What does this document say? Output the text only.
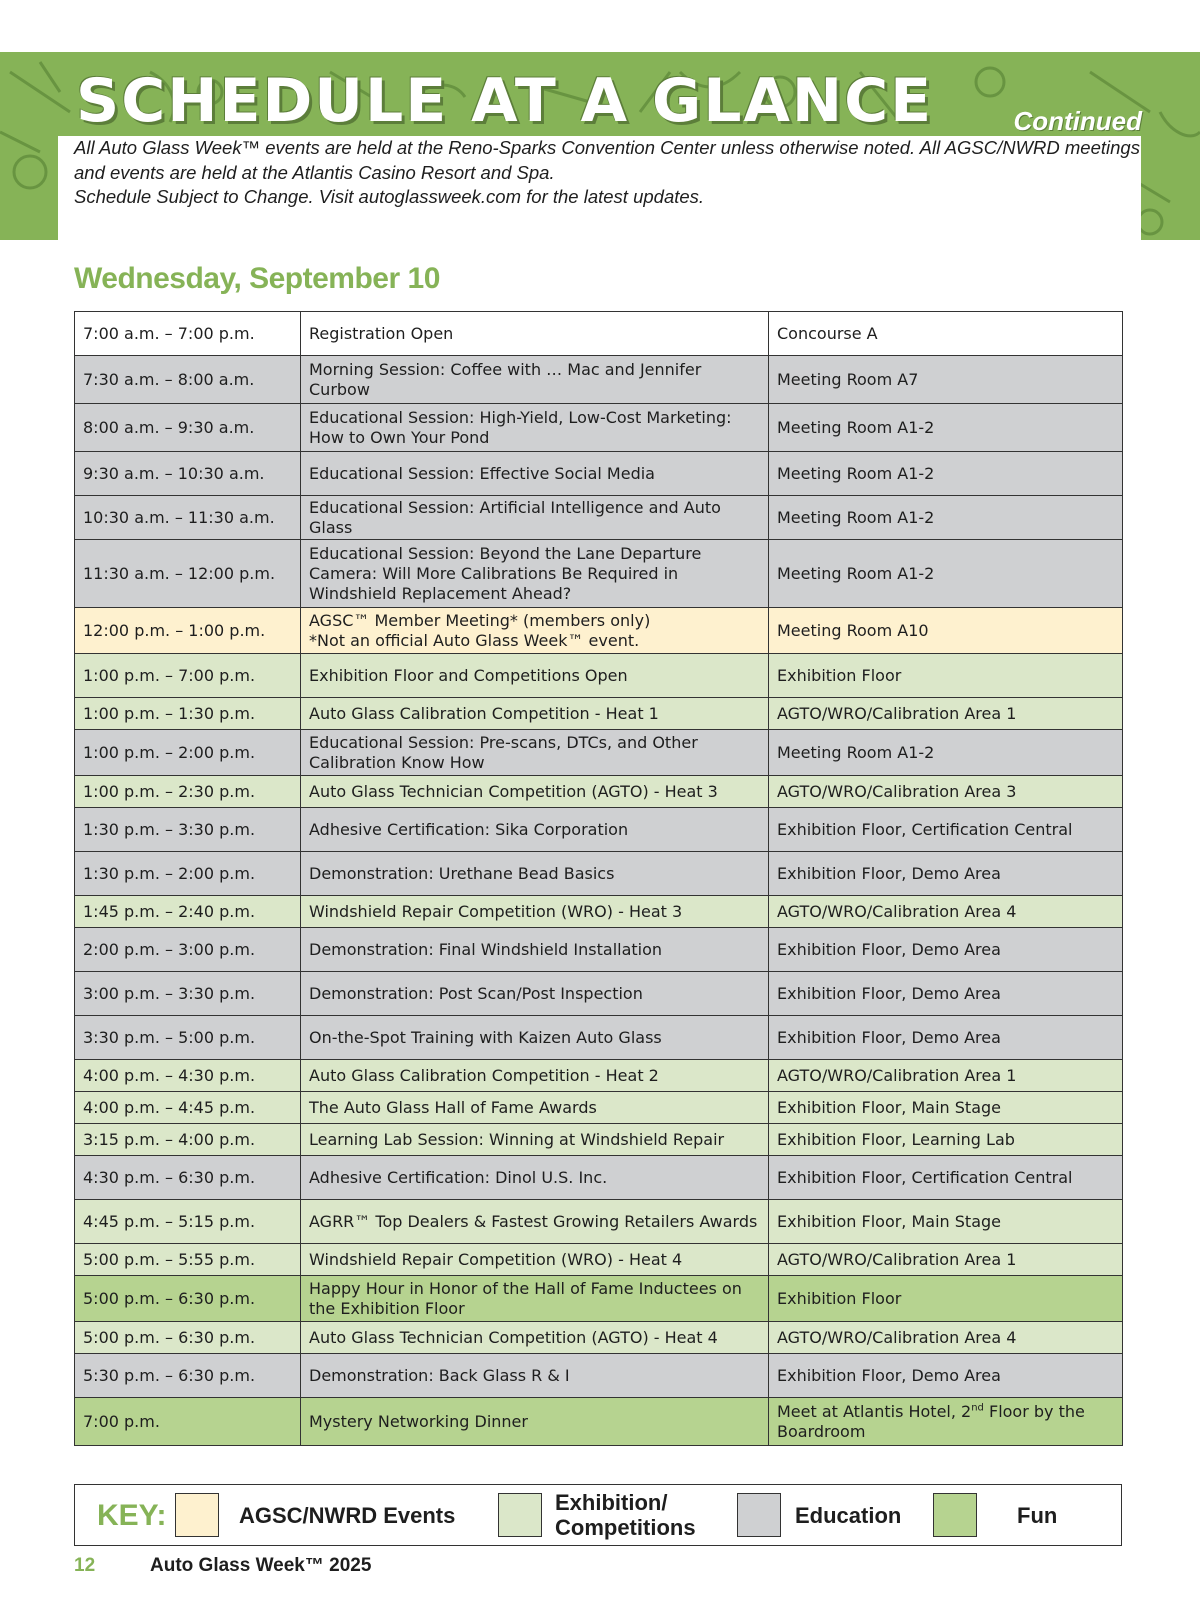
SCHEDULE AT A GLANCE	Continued

All Auto Glass Week™ events are held at the Reno-Sparks Convention Center unless otherwise noted. All AGSC/NWRD meetings

and events are held at the Atlantis Casino Resort and Spa.

Schedule Subject to Change. Visit autoglassweek.com for the latest updates.

Wednesday, September 10
7:00 a.m. – 7:00 p.m.	Registration Open	Concourse A
7:30 a.m. – 8:00 a.m.	Morning Session: Coffee with … Mac and Jennifer Curbow	Meeting Room A7
8:00 a.m. – 9:30 a.m.	Educational Session: High-Yield, Low-Cost Marketing: How to Own Your Pond	Meeting Room A1-2
9:30 a.m. – 10:30 a.m.	Educational Session: Effective Social Media	Meeting Room A1-2
10:30 a.m. – 11:30 a.m.	Educational Session: Artificial Intelligence and Auto Glass	Meeting Room A1-2
11:30 a.m. – 12:00 p.m.	Educational Session: Beyond the Lane Departure Camera: Will More Calibrations Be Required in Windshield Replacement Ahead?	Meeting Room A1-2
12:00 p.m. – 1:00 p.m.	AGSC™ Member Meeting* (members only)
*Not an official Auto Glass Week™ event.	Meeting Room A10
1:00 p.m. – 7:00 p.m.	Exhibition Floor and Competitions Open	Exhibition Floor
1:00 p.m. – 1:30 p.m.	Auto Glass Calibration Competition - Heat 1	AGTO/WRO/Calibration Area 1
1:00 p.m. – 2:00 p.m.	Educational Session: Pre-scans, DTCs, and Other Calibration Know How	Meeting Room A1-2
1:00 p.m. – 2:30 p.m.	Auto Glass Technician Competition (AGTO) - Heat 3	AGTO/WRO/Calibration Area 3
1:30 p.m. – 3:30 p.m.	Adhesive Certification: Sika Corporation	Exhibition Floor, Certification Central
1:30 p.m. – 2:00 p.m.	Demonstration: Urethane Bead Basics	Exhibition Floor, Demo Area
1:45 p.m. – 2:40 p.m.	Windshield Repair Competition (WRO) - Heat 3	AGTO/WRO/Calibration Area 4
2:00 p.m. – 3:00 p.m.	Demonstration: Final Windshield Installation	Exhibition Floor, Demo Area
3:00 p.m. – 3:30 p.m.	Demonstration: Post Scan/Post Inspection	Exhibition Floor, Demo Area
3:30 p.m. – 5:00 p.m.	On-the-Spot Training with Kaizen Auto Glass	Exhibition Floor, Demo Area
4:00 p.m. – 4:30 p.m.	Auto Glass Calibration Competition - Heat 2	AGTO/WRO/Calibration Area 1
4:00 p.m. – 4:45 p.m.	The Auto Glass Hall of Fame Awards	Exhibition Floor, Main Stage
3:15 p.m. – 4:00 p.m.	Learning Lab Session: Winning at Windshield Repair	Exhibition Floor, Learning Lab
4:30 p.m. – 6:30 p.m.	Adhesive Certification: Dinol U.S. Inc.	Exhibition Floor, Certification Central
4:45 p.m. – 5:15 p.m.	AGRR™ Top Dealers & Fastest Growing Retailers Awards	Exhibition Floor, Main Stage
5:00 p.m. – 5:55 p.m.	Windshield Repair Competition (WRO) - Heat 4	AGTO/WRO/Calibration Area 1
5:00 p.m. – 6:30 p.m.	Happy Hour in Honor of the Hall of Fame Inductees on the Exhibition Floor	Exhibition Floor
5:00 p.m. – 6:30 p.m.	Auto Glass Technician Competition (AGTO) - Heat 4	AGTO/WRO/Calibration Area 4
5:30 p.m. – 6:30 p.m.	Demonstration: Back Glass R & I	Exhibition Floor, Demo Area
7:00 p.m.	Mystery Networking Dinner	Meet at Atlantis Hotel, 2nd Floor by the Boardroom
KEY:	AGSC/NWRD Events
Exhibition/
Competitions	Education	Fun
12	Auto Glass Week™ 2025
